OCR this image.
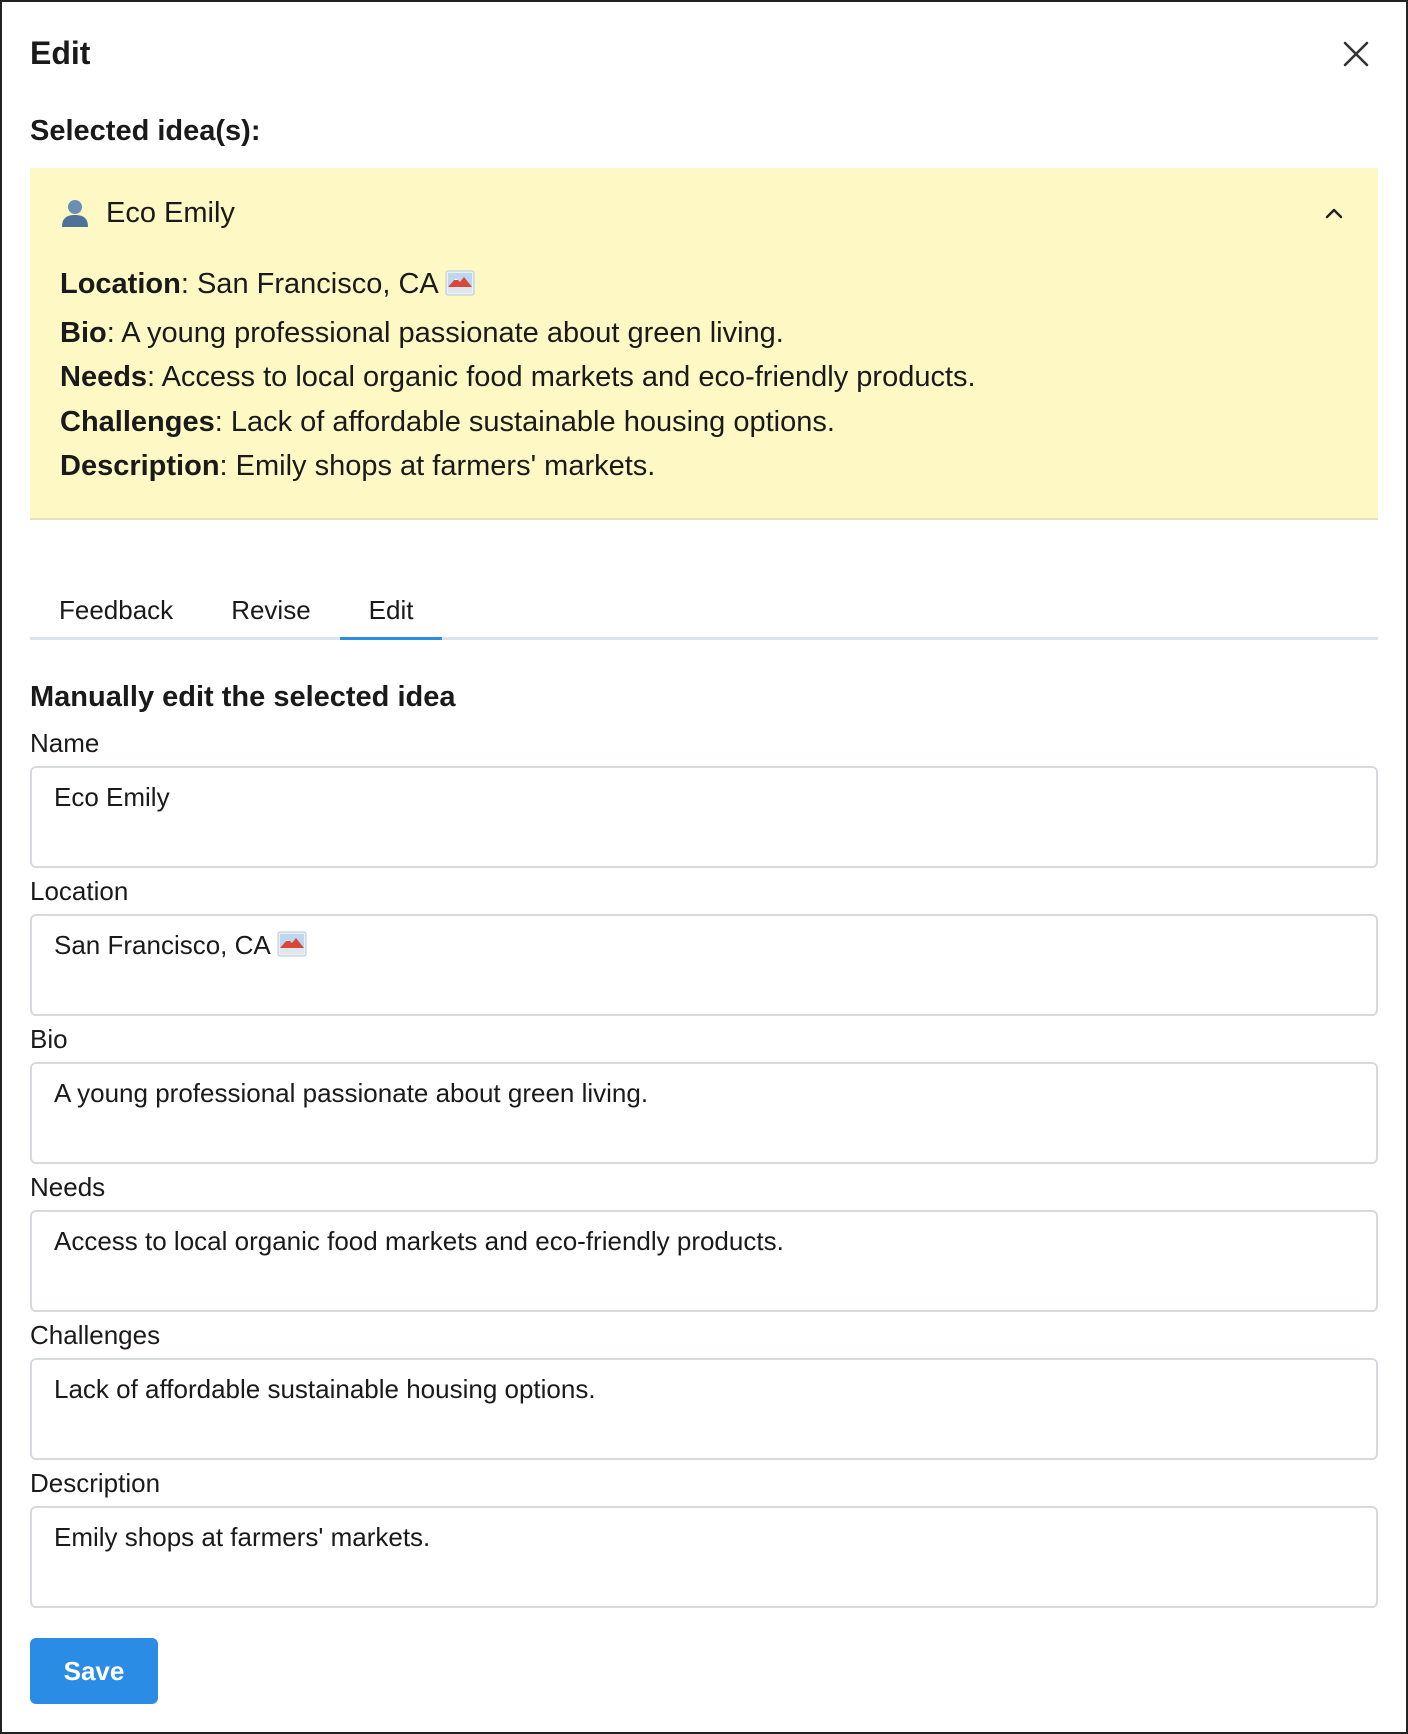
Edit
Selected idea(s):
Eco Emily
Location: San Francisco, CA
Bio: A young professional passionate about green living.
Needs: Access to local organic food markets and eco-friendly products.
Challenges: Lack of affordable sustainable housing options.
Description: Emily shops at farmers' markets.
Feedback	Revise	Edit
Manually edit the selected idea
Name
Eco Emily
Location
San Francisco, CA
Bio
A young professional passionate about green living.
Needs
Access to local organic food markets and eco-friendly products.
Challenges
Lack of affordable sustainable housing options.
Description
Emily shops at farmers' markets.
Save
